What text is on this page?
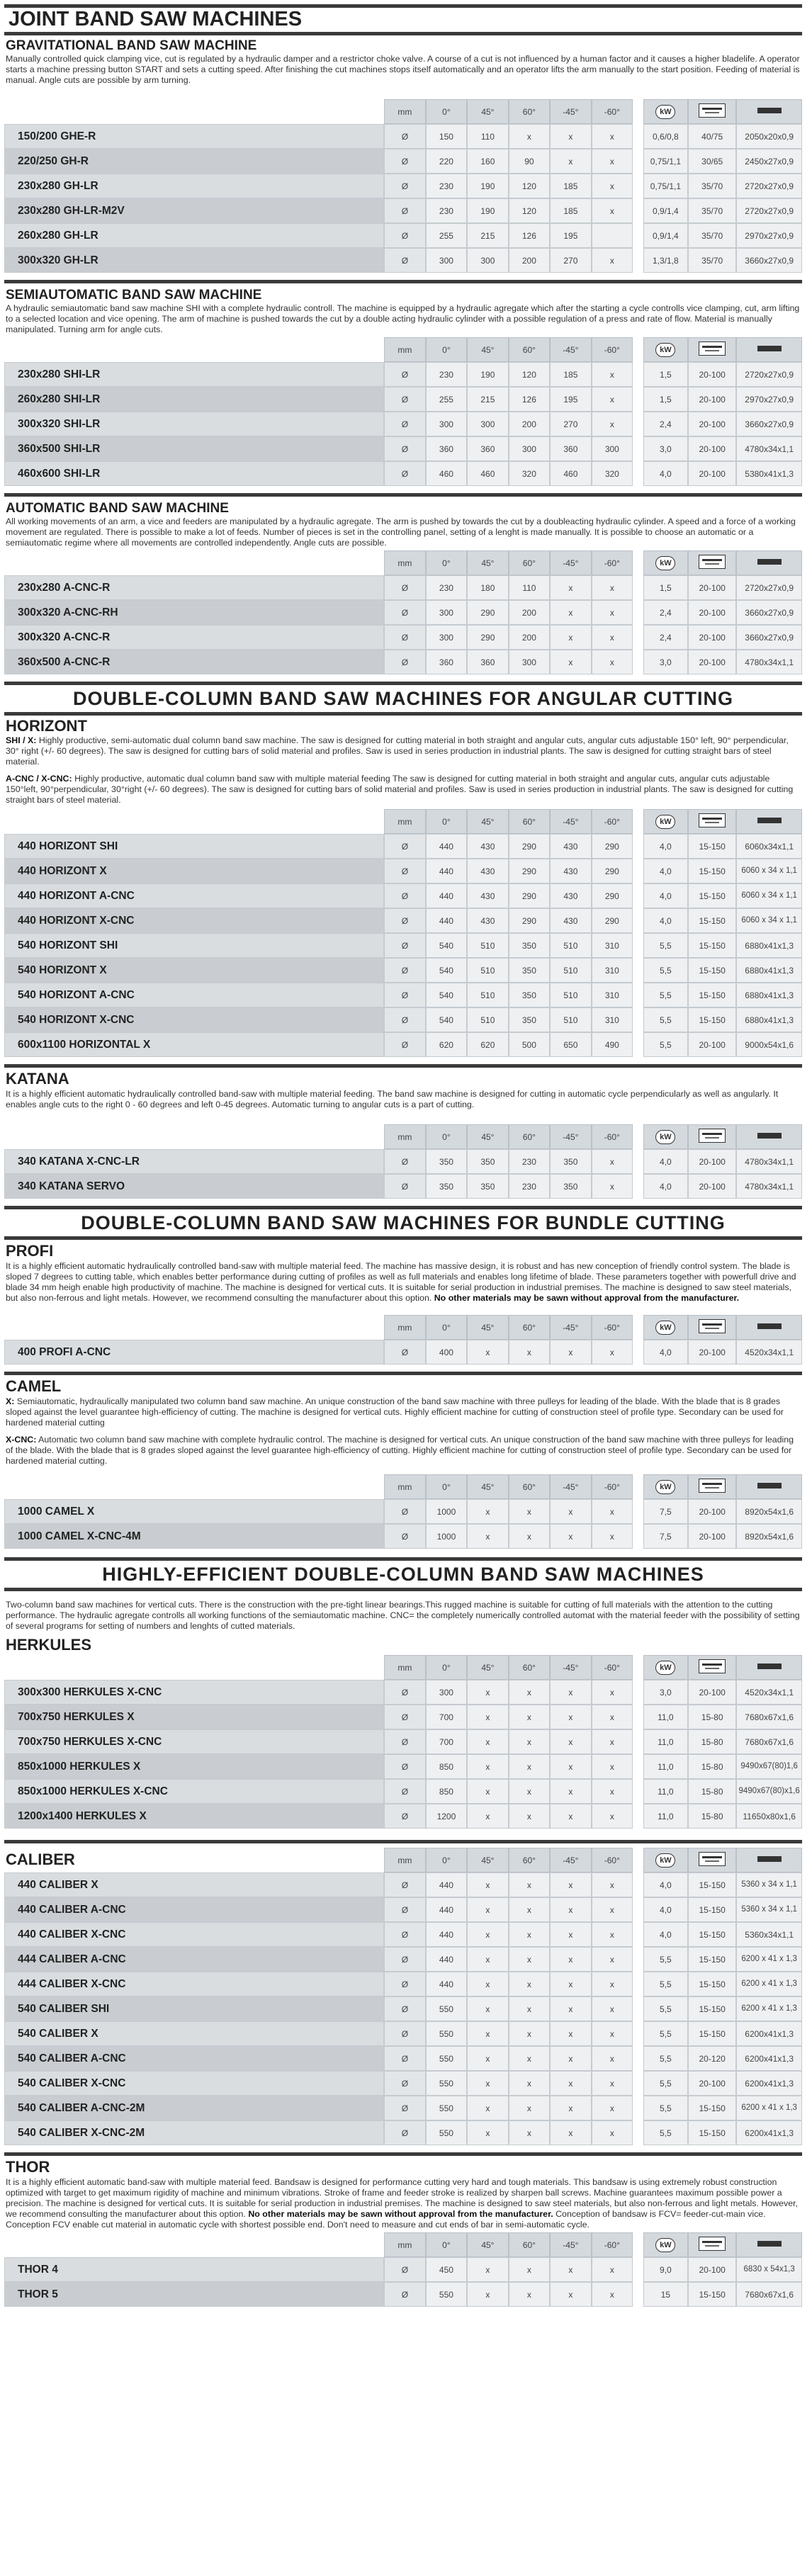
JOINT BAND SAW MACHINES
GRAVITATIONAL BAND SAW MACHINE
Manually controlled quick clamping vice, cut is regulated by a hydraulic damper and a restrictor choke valve. A course of a cut is not influenced by a human factor and it causes a higher bladelife. A operator starts a machine pressing button START and sets a cutting speed. After finishing the cut machines stops itself automatically and an operator lifts the arm manually to the start position. Feeding of material is manual. Angle cuts are possible by arm turning.
	mm	0°	45°	60°	-45°	-60°		kW		
150/200 GHE-R	Ø	150	110	x	x	x		0,6/0,8	40/75	2050x20x0,9
220/250 GH-R	Ø	220	160	90	x	x		0,75/1,1	30/65	2450x27x0,9
230x280 GH-LR	Ø	230	190	120	185	x		0,75/1,1	35/70	2720x27x0,9
230x280 GH-LR-M2V	Ø	230	190	120	185	x		0,9/1,4	35/70	2720x27x0,9
260x280 GH-LR	Ø	255	215	126	195			0,9/1,4	35/70	2970x27x0,9
300x320 GH-LR	Ø	300	300	200	270	x		1,3/1,8	35/70	3660x27x0,9
SEMIAUTOMATIC BAND SAW MACHINE
A hydraulic semiautomatic band saw machine SHI with a complete hydraulic controll. The machine is equipped by a hydraulic agregate which after the starting a cycle controlls vice clamping, cut, arm lifting to a selected location and vice opening. The arm of machine is pushed towards the cut by a double acting hydraulic cylinder with a possible regulation of a press and rate of flow. Material is manually manipulated. Turning arm for angle cuts.
	mm	0°	45°	60°	-45°	-60°		kW		
230x280 SHI-LR	Ø	230	190	120	185	x		1,5	20-100	2720x27x0,9
260x280 SHI-LR	Ø	255	215	126	195	x		1,5	20-100	2970x27x0,9
300x320 SHI-LR	Ø	300	300	200	270	x		2,4	20-100	3660x27x0,9
360x500 SHI-LR	Ø	360	360	300	360	300		3,0	20-100	4780x34x1,1
460x600 SHI-LR	Ø	460	460	320	460	320		4,0	20-100	5380x41x1,3
AUTOMATIC BAND SAW MACHINE
All working movements of an arm, a vice and feeders are manipulated by a hydraulic agregate. The arm is pushed by towards the cut by a doubleacting hydraulic cylinder. A speed and a force of a working movement are regulated. There is possible to make a lot of feeds. Number of pieces is set in the controlling panel, setting of a lenght is made manually. It is possible to choose an automatic or a semiautomatic regime where all movements are controlled independently. Angle cuts are possible.
	mm	0°	45°	60°	-45°	-60°		kW		
230x280 A-CNC-R	Ø	230	180	110	x	x		1,5	20-100	2720x27x0,9
300x320 A-CNC-RH	Ø	300	290	200	x	x		2,4	20-100	3660x27x0,9
300x320 A-CNC-R	Ø	300	290	200	x	x		2,4	20-100	3660x27x0,9
360x500 A-CNC-R	Ø	360	360	300	x	x		3,0	20-100	4780x34x1,1
DOUBLE-COLUMN BAND SAW MACHINES FOR ANGULAR CUTTING
HORIZONT
SHI / X: Highly productive, semi-automatic dual column band saw machine. The saw is designed for cutting material in both straight and angular cuts, angular cuts adjustable 150° left, 90° perpendicular, 30° right (+/- 60 degrees). The saw is designed for cutting bars of solid material and profiles. Saw is used in series production in industrial plants. The saw is designed for cutting straight bars of steel material.
A-CNC / X-CNC: Highly productive, automatic dual column band saw with multiple material feeding The saw is designed for cutting material in both straight and angular cuts, angular cuts adjustable 150°left, 90°perpendicular, 30°right (+/- 60 degrees). The saw is designed for cutting bars of solid material and profiles. Saw is used in series production in industrial plants. The saw is designed for cutting straight bars of steel material.
	mm	0°	45°	60°	-45°	-60°		kW		
440 HORIZONT SHI	Ø	440	430	290	430	290		4,0	15-150	6060x34x1,1
440 HORIZONT X	Ø	440	430	290	430	290		4,0	15-150	6060 x 34 x 1,1
440 HORIZONT A-CNC	Ø	440	430	290	430	290		4,0	15-150	6060 x 34 x 1,1
440 HORIZONT X-CNC	Ø	440	430	290	430	290		4,0	15-150	6060 x 34 x 1,1
540 HORIZONT SHI	Ø	540	510	350	510	310		5,5	15-150	6880x41x1,3
540 HORIZONT X	Ø	540	510	350	510	310		5,5	15-150	6880x41x1,3
540 HORIZONT A-CNC	Ø	540	510	350	510	310		5,5	15-150	6880x41x1,3
540 HORIZONT X-CNC	Ø	540	510	350	510	310		5,5	15-150	6880x41x1,3
600x1100 HORIZONTAL X	Ø	620	620	500	650	490		5,5	20-100	9000x54x1,6
KATANA
It is a highly efficient automatic hydraulically controlled band-saw with multiple material feeding. The band saw machine is designed for cutting in automatic cycle perpendicularly as well as angularly. It enables angle cuts to the right 0 - 60 degrees and left 0-45 degrees. Automatic turning to angular cuts is a part of cutting.
	mm	0°	45°	60°	-45°	-60°		kW		
340 KATANA X-CNC-LR	Ø	350	350	230	350	x		4,0	20-100	4780x34x1,1
340 KATANA SERVO	Ø	350	350	230	350	x		4,0	20-100	4780x34x1,1
DOUBLE-COLUMN BAND SAW MACHINES FOR BUNDLE CUTTING
PROFI
It is a highly efficient automatic hydraulically controlled band-saw with multiple material feed. The machine has massive design, it is robust and has new conception of friendly control system. The blade is sloped 7 degrees to cutting table, which enables better performance during cutting of profiles as well as full materials and enables long lifetime of blade. These parameters together with powerfull drive and blade 34 mm heigh enable high productivity of machine. The machine is designed for vertical cuts. It is suitable for serial production in industrial premises. The machine is designed to saw steel materials, but also non-ferrous and light metals. However, we recommend consulting the manufacturer about this option. No other materials may be sawn without approval from the manufacturer.
	mm	0°	45°	60°	-45°	-60°		kW		
400 PROFI A-CNC	Ø	400	x	x	x	x		4,0	20-100	4520x34x1,1
CAMEL
X: Semiautomatic, hydraulically manipulated two column band saw machine. An unique construction of the band saw machine with three pulleys for leading of the blade. With the blade that is 8 grades sloped against the level guarantee high-efficiency of cutting. The machine is designed for vertical cuts. Highly efficient machine for cutting of construction steel of profile type. Secondary can be used for hardened material cutting
X-CNC: Automatic two column band saw machine with complete hydraulic control. The machine is designed for vertical cuts. An unique construction of the band saw machine with three pulleys for leading of the blade. With the blade that is 8 grades sloped against the level guarantee high-efficiency of cutting. Highly efficient machine for cutting of construction steel of profile type. Secondary can be used for hardened material cutting.
	mm	0°	45°	60°	-45°	-60°		kW		
1000 CAMEL X	Ø	1000	x	x	x	x		7,5	20-100	8920x54x1,6
1000 CAMEL X-CNC-4M	Ø	1000	x	x	x	x		7,5	20-100	8920x54x1,6
HIGHLY-EFFICIENT DOUBLE-COLUMN BAND SAW MACHINES
Two-column band saw machines for vertical cuts. There is the construction with the pre-tight linear bearings.This rugged machine is suitable for cutting of full materials with the attention to the cutting performance. The hydraulic agregate controlls all working functions of the semiautomatic machine. CNC= the completely numerically controlled automat with the material feeder with the possibility of setting of several programs for setting of numbers and lenghts of cutted materials.
HERKULES
	mm	0°	45°	60°	-45°	-60°		kW		
300x300 HERKULES X-CNC	Ø	300	x	x	x	x		3,0	20-100	4520x34x1,1
700x750 HERKULES X	Ø	700	x	x	x	x		11,0	15-80	7680x67x1,6
700x750 HERKULES X-CNC	Ø	700	x	x	x	x		11,0	15-80	7680x67x1,6
850x1000 HERKULES X	Ø	850	x	x	x	x		11,0	15-80	9490x67(80)1,6
850x1000 HERKULES X-CNC	Ø	850	x	x	x	x		11,0	15-80	9490x67(80)x1,6
1200x1400 HERKULES X	Ø	1200	x	x	x	x		11,0	15-80	11650x80x1,6
CALIBER
		mm	0°	45°	60°	-45°	-60°		kW		
440 CALIBER X	Ø	440	x	x	x	x		4,0	15-150	5360 x 34 x 1,1
440 CALIBER A-CNC	Ø	440	x	x	x	x		4,0	15-150	5360 x 34 x 1,1
440 CALIBER X-CNC	Ø	440	x	x	x	x		4,0	15-150	5360x34x1,1
444 CALIBER A-CNC	Ø	440	x	x	x	x		5,5	15-150	6200 x 41 x 1,3
444 CALIBER X-CNC	Ø	440	x	x	x	x		5,5	15-150	6200 x 41 x 1,3
540 CALIBER SHI	Ø	550	x	x	x	x		5,5	15-150	6200 x 41 x 1,3
540 CALIBER X	Ø	550	x	x	x	x		5,5	15-150	6200x41x1,3
540 CALIBER A-CNC	Ø	550	x	x	x	x		5,5	20-120	6200x41x1,3
540 CALIBER X-CNC	Ø	550	x	x	x	x		5,5	20-100	6200x41x1,3
540 CALIBER A-CNC-2M	Ø	550	x	x	x	x		5,5	15-150	6200 x 41 x 1,3
540 CALIBER X-CNC-2M	Ø	550	x	x	x	x		5,5	15-150	6200x41x1,3
THOR
It is a highly efficient automatic band-saw with multiple material feed. Bandsaw is designed for performance cutting very hard and tough materials. This bandsaw is using extremely robust construction optimized with target to get maximum rigidity of machine and minimum vibrations. Stroke of frame and feeder stroke is realized by sharpen ball screws. Machine guarantees maximum possible power a precision. The machine is designed for vertical cuts. It is suitable for serial production in industrial premises. The machine is designed to saw steel materials, but also non-ferrous and light metals. However, we recommend consulting the manufacturer about this option. No other materials may be sawn without approval from the manufacturer. Conception of bandsaw is FCV= feeder-cut-main vice. Conception FCV enable cut material in automatic cycle with shortest possible end. Don't need to measure and cut ends of bar in semi-automatic cycle.
	mm	0°	45°	60°	-45°	-60°		kW		
THOR 4	Ø	450	x	x	x	x		9,0	20-100	6830 x 54x1,3
THOR 5	Ø	550	x	x	x	x		15	15-150	7680x67x1,6
